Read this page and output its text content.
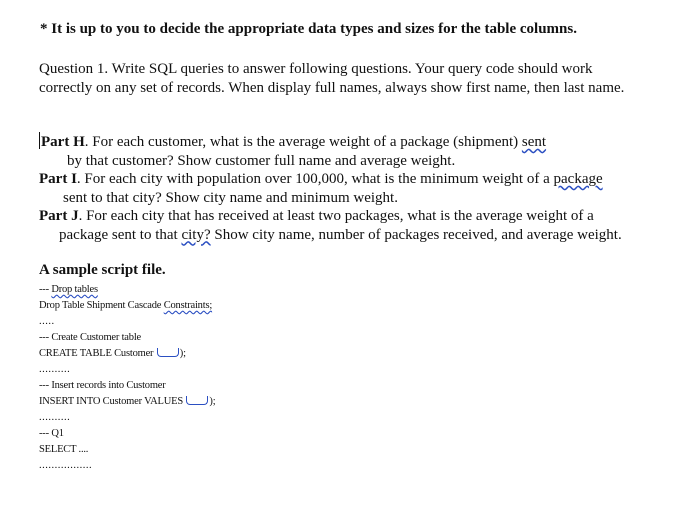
* It is up to you to decide the appropriate data types and sizes for the table columns.
Question 1. Write SQL queries to answer following questions. Your query code should work correctly on any set of records. When display full names, always show first name, then last name.

Part H. For each customer, what is the average weight of a package (shipment) sent
by that customer? Show customer full name and average weight.

Part I. For each city with population over 100,000, what is the minimum weight of a package
sent to that city? Show city name and minimum weight.

Part J. For each city that has received at least two packages, what is the average weight of a
package sent to that city? Show city name, number of packages received, and average weight.

A sample script file.
--- Drop tables
Drop Table Shipment Cascade Constraints;
.....
--- Create Customer table
CREATE TABLE Customer );
..........
--- Insert records into Customer
INSERT INTO Customer VALUES );
..........
--- Q1
SELECT ....
.................
